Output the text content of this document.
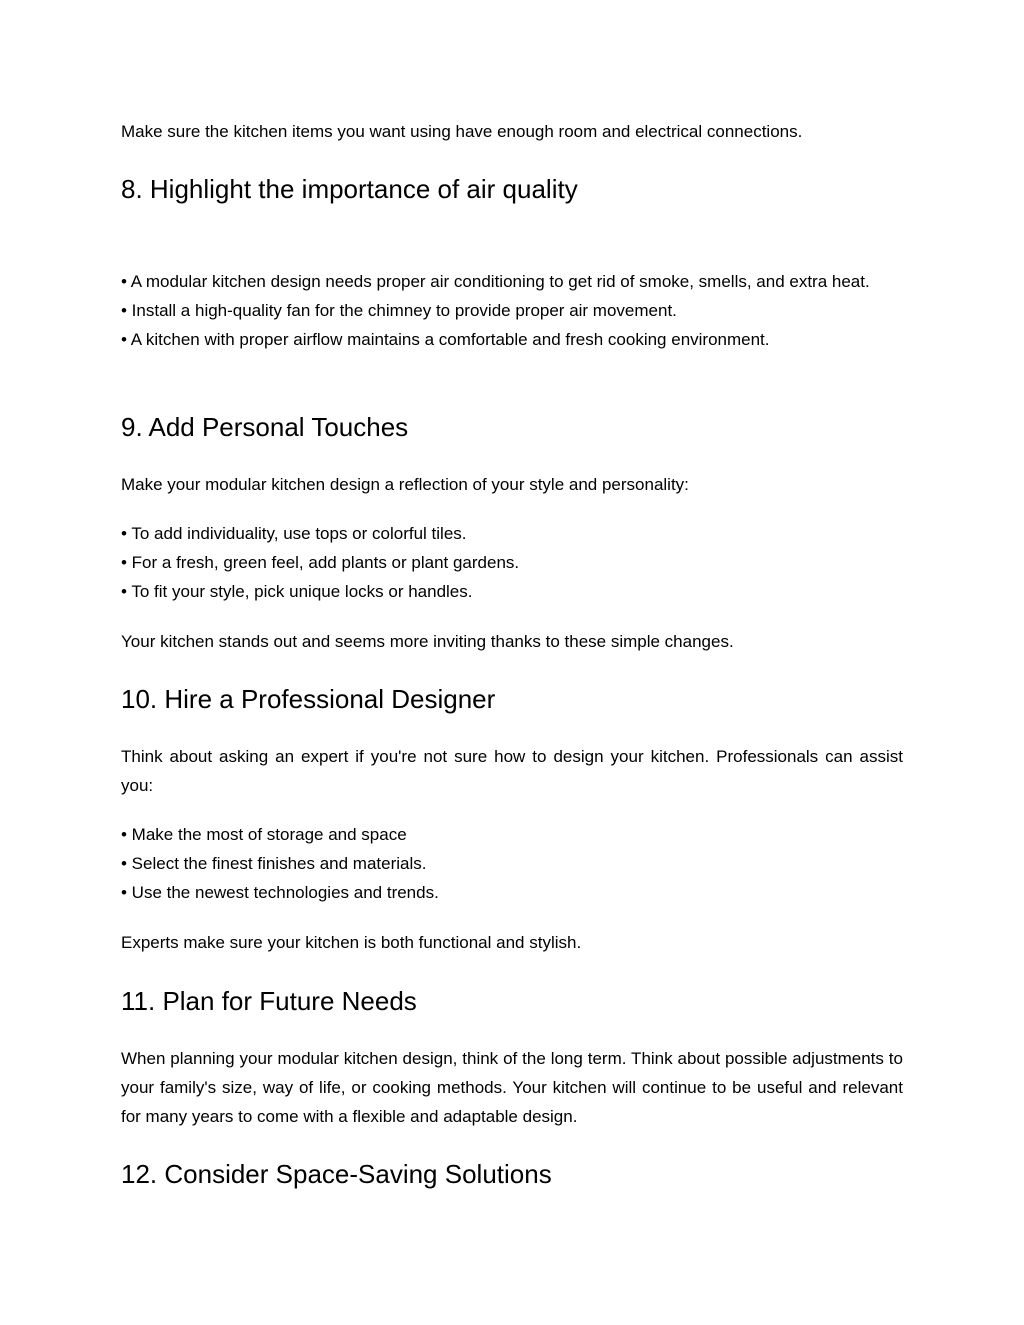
Make sure the kitchen items you want using have enough room and electrical connections.

8. Highlight the importance of air quality
• A modular kitchen design needs proper air conditioning to get rid of smoke, smells, and extra heat.
• Install a high-quality fan for the chimney to provide proper air movement.
• A kitchen with proper airflow maintains a comfortable and fresh cooking environment.
9. Add Personal Touches

Make your modular kitchen design a reflection of your style and personality:

• To add individuality, use tops or colorful tiles.
• For a fresh, green feel, add plants or plant gardens.
• To fit your style, pick unique locks or handles.

Your kitchen stands out and seems more inviting thanks to these simple changes.

10. Hire a Professional Designer

Think about asking an expert if you're not sure how to design your kitchen. Professionals can assist you:

• Make the most of storage and space
• Select the finest finishes and materials.
• Use the newest technologies and trends.

Experts make sure your kitchen is both functional and stylish.

11. Plan for Future Needs

When planning your modular kitchen design, think of the long term. Think about possible adjustments to your family's size, way of life, or cooking methods. Your kitchen will continue to be useful and relevant for many years to come with a flexible and adaptable design.

12. Consider Space-Saving Solutions
